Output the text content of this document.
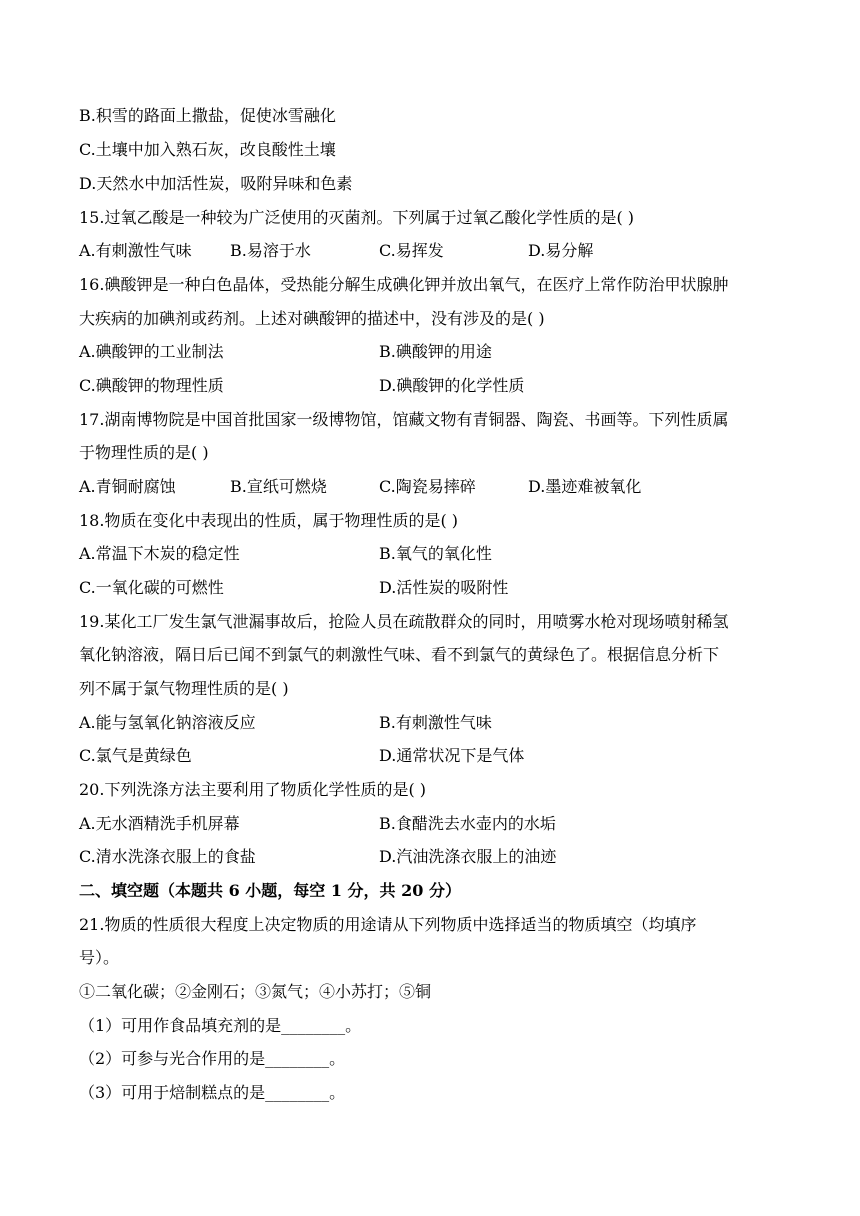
B.积雪的路面上撒盐，促使冰雪融化
C.土壤中加入熟石灰，改良酸性土壤
D.天然水中加活性炭，吸附异味和色素
15.过氧乙酸是一种较为广泛使用的灭菌剂。下列属于过氧乙酸化学性质的是( )
A.有刺激性气味 B.易溶于水	C.易挥发	D.易分解
16.碘酸钾是一种白色晶体，受热能分解生成碘化钾并放出氧气，在医疗上常作防治甲状腺肿
大疾病的加碘剂或药剂。上述对碘酸钾的描述中，没有涉及的是( )
A.碘酸钾的工业制法	B.碘酸钾的用途
C.碘酸钾的物理性质	D.碘酸钾的化学性质
17.湖南博物院是中国首批国家一级博物馆，馆藏文物有青铜器、陶瓷、书画等。下列性质属
于物理性质的是( )
A.青铜耐腐蚀	B.宣纸可燃烧	C.陶瓷易摔碎	D.墨迹难被氧化
18.物质在变化中表现出的性质，属于物理性质的是( )
A.常温下木炭的稳定性	B.氧气的氧化性
C.一氧化碳的可燃性	D.活性炭的吸附性
19.某化工厂发生氯气泄漏事故后，抢险人员在疏散群众的同时，用喷雾水枪对现场喷射稀氢
氧化钠溶液，隔日后已闻不到氯气的刺激性气味、看不到氯气的黄绿色了。根据信息分析下
列不属于氯气物理性质的是( )
A.能与氢氧化钠溶液反应	B.有刺激性气味
C.氯气是黄绿色	D.通常状况下是气体
20.下列洗涤方法主要利用了物质化学性质的是( )
A.无水酒精洗手机屏幕	B.食醋洗去水壶内的水垢
C.清水洗涤衣服上的食盐	D.汽油洗涤衣服上的油迹
二、填空题（本题共 6 小题，每空 1 分，共 20 分）
21.物质的性质很大程度上决定物质的用途请从下列物质中选择适当的物质填空（均填序
号）。
①二氧化碳；②金刚石；③氮气；④小苏打；⑤铜
（1）可用作食品填充剂的是________。
（2）可参与光合作用的是________。
（3）可用于焙制糕点的是________。
